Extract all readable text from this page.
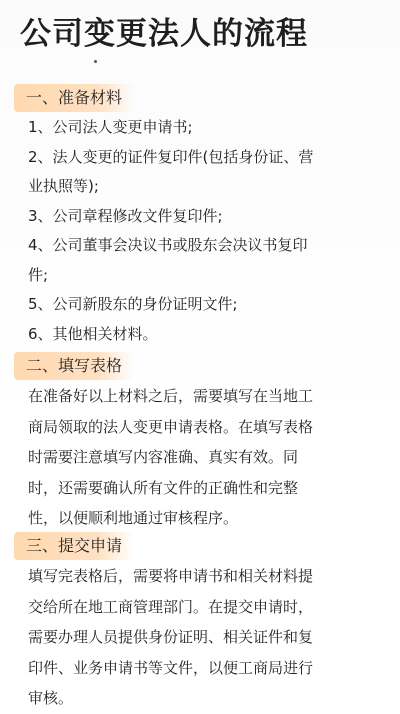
公司变更法人的流程
一、准备材料
1、公司法人变更申请书;
2、法人变更的证件复印件(包括身份证、营
业执照等);
3、公司章程修改文件复印件;
4、公司董事会决议书或股东会决议书复印
件;
5、公司新股东的身份证明文件;
6、其他相关材料。
二、填写表格
在准备好以上材料之后，需要填写在当地工
商局领取的法人变更申请表格。在填写表格
时需要注意填写内容准确、真实有效。同
时，还需要确认所有文件的正确性和完整
性，以便顺利地通过审核程序。
三、提交申请
填写完表格后，需要将申请书和相关材料提
交给所在地工商管理部门。在提交申请时，
需要办理人员提供身份证明、相关证件和复
印件、业务申请书等文件，以便工商局进行
审核。
